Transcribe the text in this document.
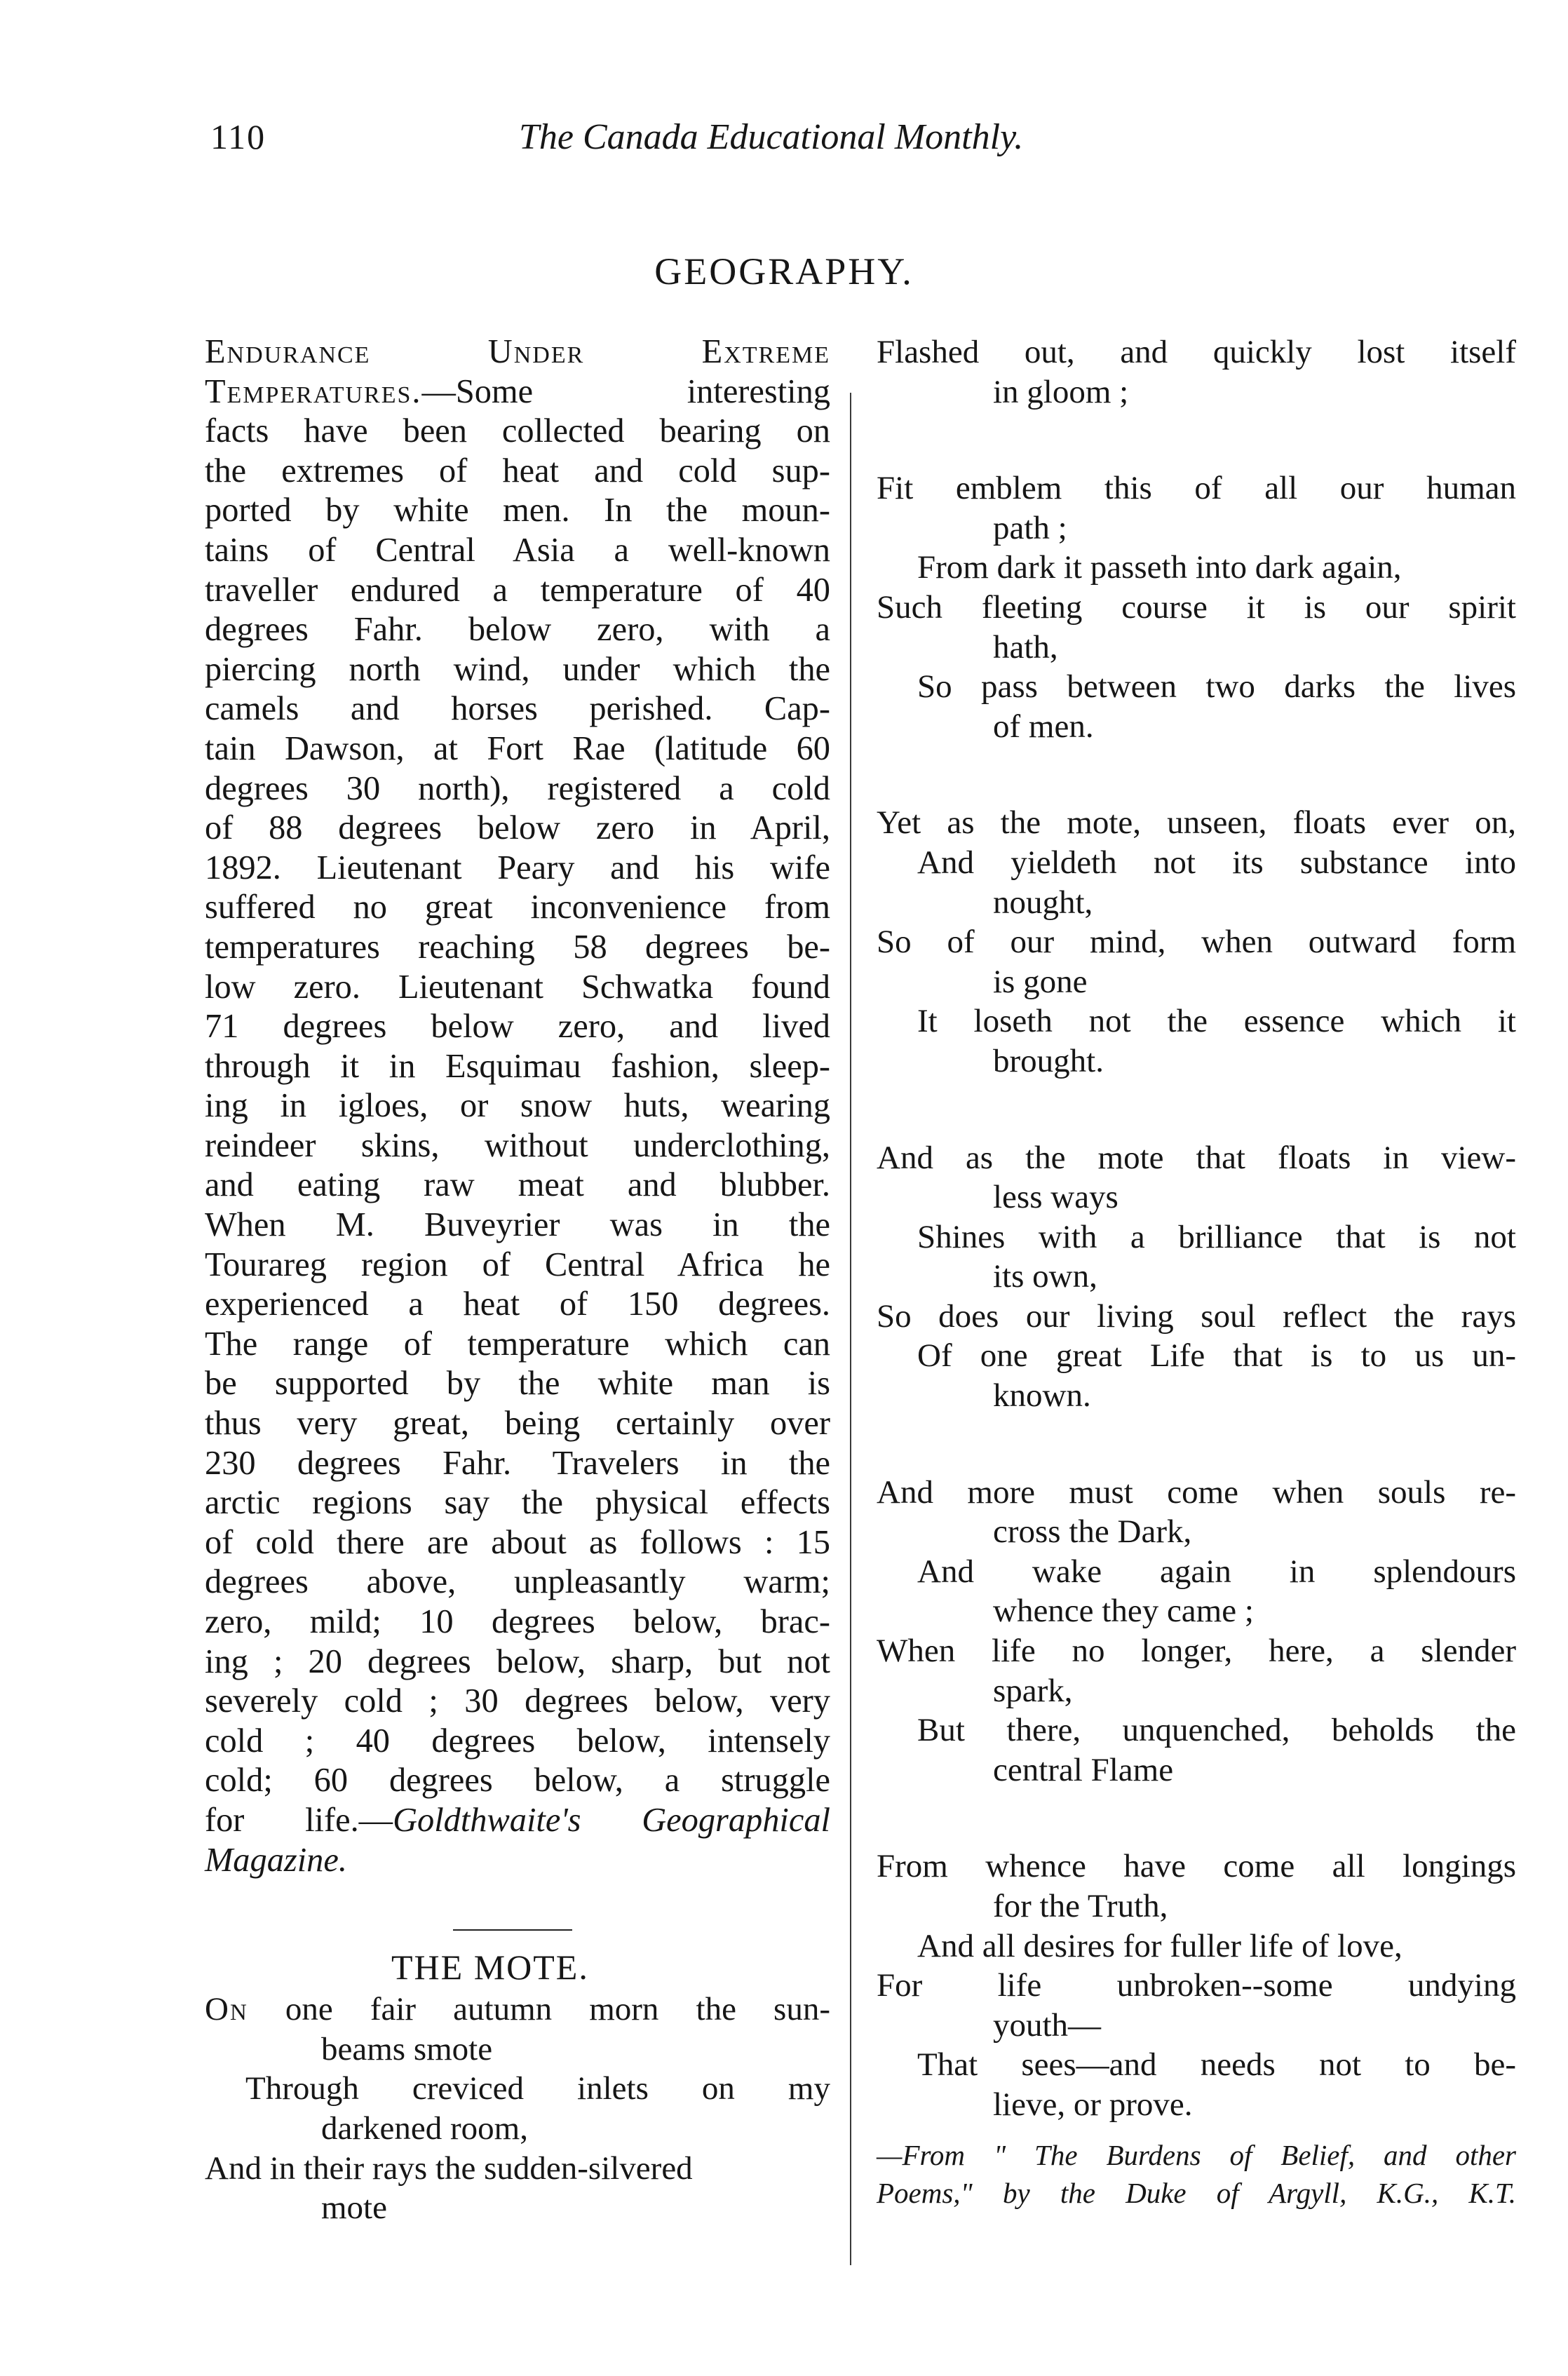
110	The Canada Educational Monthly.
GEOGRAPHY.
Endurance Under Extreme
Temperatures.—Some interesting
facts have been collected bearing on
the extremes of heat and cold sup-
ported by white men. In the moun-
tains of Central Asia a well-known
traveller endured a temperature of 40
degrees Fahr. below zero, with a
piercing north wind, under which the
camels and horses perished. Cap-
tain Dawson, at Fort Rae (latitude 60
degrees 30 north), registered a cold
of 88 degrees below zero in April,
1892. Lieutenant Peary and his wife
suffered no great inconvenience from
temperatures reaching 58 degrees be-
low zero. Lieutenant Schwatka found
71 degrees below zero, and lived
through it in Esquimau fashion, sleep-
ing in igloes, or snow huts, wearing
reindeer skins, without underclothing,
and eating raw meat and blubber.
When M. Buveyrier was in the
Tourareg region of Central Africa he
experienced a heat of 150 degrees.
The range of temperature which can
be supported by the white man is
thus very great, being certainly over
230 degrees Fahr. Travelers in the
arctic regions say the physical effects
of cold there are about as follows : 15
degrees above, unpleasantly warm;
zero, mild; 10 degrees below, brac-
ing ; 20 degrees below, sharp, but not
severely cold ; 30 degrees below, very
cold ; 40 degrees below, intensely
cold; 60 degrees below, a struggle
for life.—Goldthwaite's Geographical
Magazine.
THE MOTE.
On one fair autumn morn the sun-
beams smote
Through creviced inlets on my
darkened room,
And in their rays the sudden-silvered
mote
Flashed out, and quickly lost itself
in gloom ;
Fit emblem this of all our human
path ;
From dark it passeth into dark again,
Such fleeting course it is our spirit
hath,
So pass between two darks the lives
of men.
Yet as the mote, unseen, floats ever on,
And yieldeth not its substance into
nought,
So of our mind, when outward form
is gone
It loseth not the essence which it
brought.
And as the mote that floats in view-
less ways
Shines with a brilliance that is not
its own,
So does our living soul reflect the rays
Of one great Life that is to us un-
known.
And more must come when souls re-
cross the Dark,
And wake again in splendours
whence they came ;
When life no longer, here, a slender
spark,
But there, unquenched, beholds the
central Flame
From whence have come all longings
for the Truth,
And all desires for fuller life of love,
For life unbroken--some undying
youth—
That sees—and needs not to be-
lieve, or prove.
—From " The Burdens of Belief, and other
Poems," by the Duke of Argyll, K.G., K.T.
